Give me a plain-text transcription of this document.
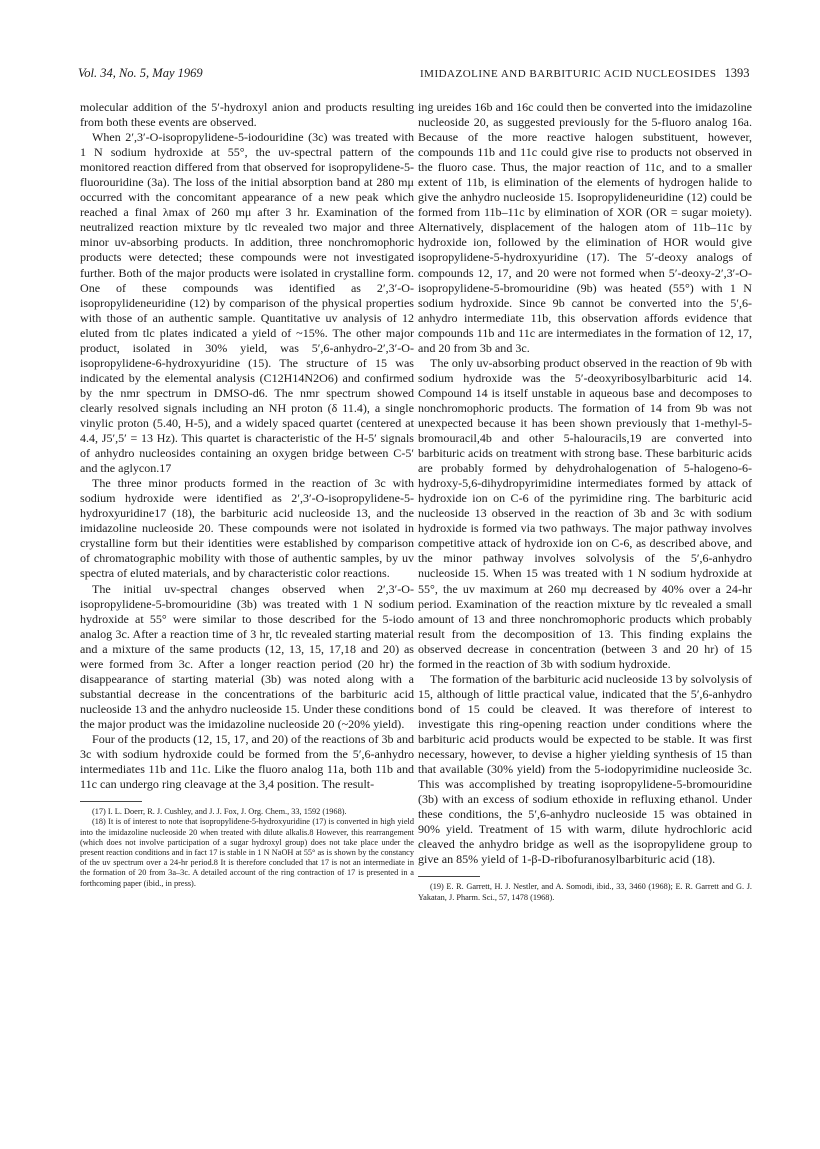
Vol. 34, No. 5, May 1969	IMIDAZOLINE AND BARBITURIC ACID NUCLEOSIDES 1393

molecular addition of the 5′-hydroxyl anion and products resulting from both these events are observed.

When 2′,3′-O-isopropylidene-5-iodouridine (3c) was treated with 1 N sodium hydroxide at 55°, the uv-spectral pattern of the monitored reaction differed from that observed for isopropylidene-5-fluorouridine (3a). The loss of the initial absorption band at 280 mμ occurred with the concomitant appearance of a new peak which reached a final λmax of 260 mμ after 3 hr. Examination of the neutralized reaction mixture by tlc revealed two major and three minor uv-absorbing products. In addition, three nonchromophoric products were detected; these compounds were not investigated further. Both of the major products were isolated in crystalline form. One of these compounds was identified as 2′,3′-O-isopropylideneuridine (12) by comparison of the physical properties with those of an authentic sample. Quantitative uv analysis of 12 eluted from tlc plates indicated a yield of ~15%. The other major product, isolated in 30% yield, was 5′,6-anhydro-2′,3′-O-isopropylidene-6-hydroxyuridine (15). The structure of 15 was indicated by the elemental analysis (C12H14N2O6) and confirmed by the nmr spectrum in DMSO-d6. The nmr spectrum showed clearly resolved signals including an NH proton (δ 11.4), a single vinylic proton (5.40, H-5), and a widely spaced quartet (centered at 4.4, J5′,5′ = 13 Hz). This quartet is characteristic of the H-5′ signals of anhydro nucleosides containing an oxygen bridge between C-5′ and the aglycon.17

The three minor products formed in the reaction of 3c with sodium hydroxide were identified as 2′,3′-O-isopropylidene-5-hydroxyuridine17 (18), the barbituric acid nucleoside 13, and the imidazoline nucleoside 20. These compounds were not isolated in crystalline form but their identities were established by comparison of chromatographic mobility with those of authentic samples, by uv spectra of eluted materials, and by characteristic color reactions.

The initial uv-spectral changes observed when 2′,3′-O-isopropylidene-5-bromouridine (3b) was treated with 1 N sodium hydroxide at 55° were similar to those described for the 5-iodo analog 3c. After a reaction time of 3 hr, tlc revealed starting material and a mixture of the same products (12, 13, 15, 17,18 and 20) as were formed from 3c. After a longer reaction period (20 hr) the disappearance of starting material (3b) was noted along with a substantial decrease in the concentrations of the barbituric acid nucleoside 13 and the anhydro nucleoside 15. Under these conditions the major product was the imidazoline nucleoside 20 (~20% yield).

Four of the products (12, 15, 17, and 20) of the reactions of 3b and 3c with sodium hydroxide could be formed from the 5′,6-anhydro intermediates 11b and 11c. Like the fluoro analog 11a, both 11b and 11c can undergo ring cleavage at the 3,4 position. The result-

(17) I. L. Doerr, R. J. Cushley, and J. J. Fox, J. Org. Chem., 33, 1592 (1968).

(18) It is of interest to note that isopropylidene-5-hydroxyuridine (17) is converted in high yield into the imidazoline nucleoside 20 when treated with dilute alkalis.8 However, this rearrangement (which does not involve participation of a sugar hydroxyl group) does not take place under the present reaction conditions and in fact 17 is stable in 1 N NaOH at 55° as is shown by the constancy of the uv spectrum over a 24-hr period.8 It is therefore concluded that 17 is not an intermediate in the formation of 20 from 3a–3c. A detailed account of the ring contraction of 17 is presented in a forthcoming paper (ibid., in press).

ing ureides 16b and 16c could then be converted into the imidazoline nucleoside 20, as suggested previously for the 5-fluoro analog 16a. Because of the more reactive halogen substituent, however, compounds 11b and 11c could give rise to products not observed in the fluoro case. Thus, the major reaction of 11c, and to a smaller extent of 11b, is elimination of the elements of hydrogen halide to give the anhydro nucleoside 15. Isopropylideneuridine (12) could be formed from 11b–11c by elimination of XOR (OR = sugar moiety). Alternatively, displacement of the halogen atom of 11b–11c by hydroxide ion, followed by the elimination of HOR would give isopropylidene-5-hydroxyuridine (17). The 5′-deoxy analogs of compounds 12, 17, and 20 were not formed when 5′-deoxy-2′,3′-O-isopropylidene-5-bromouridine (9b) was heated (55°) with 1 N sodium hydroxide. Since 9b cannot be converted into the 5′,6-anhydro intermediate 11b, this observation affords evidence that compounds 11b and 11c are intermediates in the formation of 12, 17, and 20 from 3b and 3c.

The only uv-absorbing product observed in the reaction of 9b with sodium hydroxide was the 5′-deoxyribosylbarbituric acid 14. Compound 14 is itself unstable in aqueous base and decomposes to nonchromophoric products. The formation of 14 from 9b was not unexpected because it has been shown previously that 1-methyl-5-bromouracil,4b and other 5-halouracils,19 are converted into barbituric acids on treatment with strong base. These barbituric acids are probably formed by dehydrohalogenation of 5-halogeno-6-hydroxy-5,6-dihydropyrimidine intermediates formed by attack of hydroxide ion on C-6 of the pyrimidine ring. The barbituric acid nucleoside 13 observed in the reaction of 3b and 3c with sodium hydroxide is formed via two pathways. The major pathway involves competitive attack of hydroxide ion on C-6, as described above, and the minor pathway involves solvolysis of the 5′,6-anhydro nucleoside 15. When 15 was treated with 1 N sodium hydroxide at 55°, the uv maximum at 260 mμ decreased by 40% over a 24-hr period. Examination of the reaction mixture by tlc revealed a small amount of 13 and three nonchromophoric products which probably result from the decomposition of 13. This finding explains the observed decrease in concentration (between 3 and 20 hr) of 15 formed in the reaction of 3b with sodium hydroxide.

The formation of the barbituric acid nucleoside 13 by solvolysis of 15, although of little practical value, indicated that the 5′,6-anhydro bond of 15 could be cleaved. It was therefore of interest to investigate this ring-opening reaction under conditions where the barbituric acid products would be expected to be stable. It was first necessary, however, to devise a higher yielding synthesis of 15 than that available (30% yield) from the 5-iodopyrimidine nucleoside 3c. This was accomplished by treating isopropylidene-5-bromouridine (3b) with an excess of sodium ethoxide in refluxing ethanol. Under these conditions, the 5′,6-anhydro nucleoside 15 was obtained in 90% yield. Treatment of 15 with warm, dilute hydrochloric acid cleaved the anhydro bridge as well as the isopropylidene group to give an 85% yield of 1-β-D-ribofuranosylbarbituric acid (18).

(19) E. R. Garrett, H. J. Nestler, and A. Somodi, ibid., 33, 3460 (1968); E. R. Garrett and G. J. Yakatan, J. Pharm. Sci., 57, 1478 (1968).
